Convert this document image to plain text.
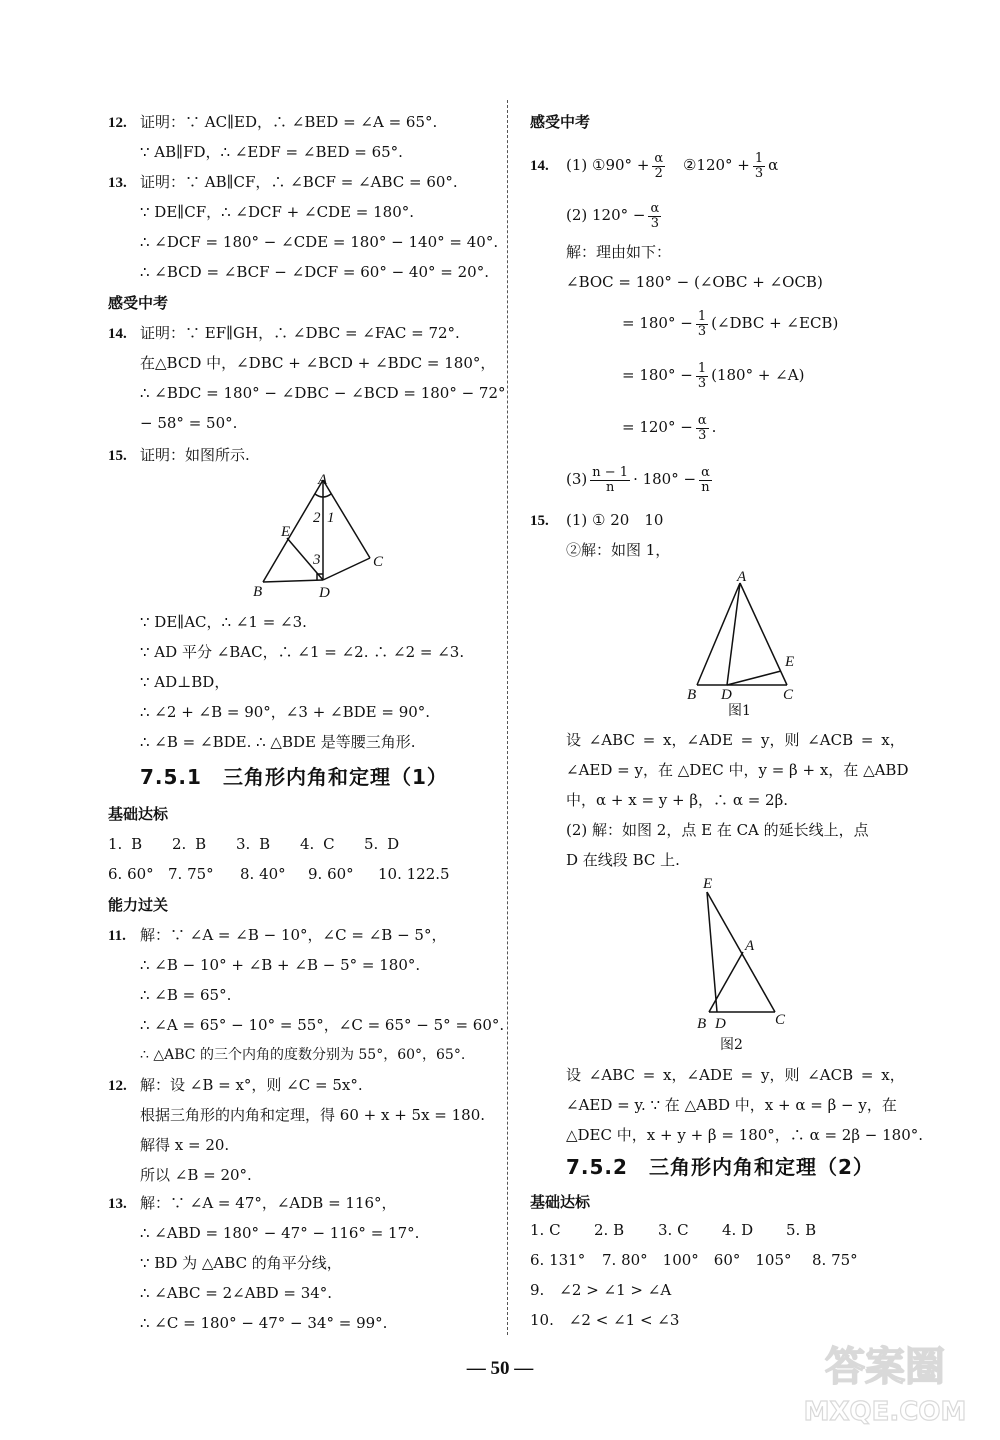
12. 证明：∵ AC∥ED，∴ ∠BED = ∠A = 65°.
∵ AB∥FD，∴ ∠EDF = ∠BED = 65°.
13. 证明：∵ AB∥CF，∴ ∠BCF = ∠ABC = 60°.
∵ DE∥CF，∴ ∠DCF + ∠CDE = 180°.
∴ ∠DCF = 180° − ∠CDE = 180° − 140° = 40°.
∴ ∠BCD = ∠BCF − ∠DCF = 60° − 40° = 20°.
感受中考
14. 证明：∵ EF∥GH，∴ ∠DBC = ∠FAC = 72°.
在△BCD 中，∠DBC + ∠BCD + ∠BDC = 180°，
∴ ∠BDC = 180° − ∠DBC − ∠BCD = 180° − 72°
− 58° = 50°.
15. 证明：如图所示.
A
E
B	D
C
2 1
3
∵ DE∥AC，∴ ∠1 = ∠3.
∵ AD 平分 ∠BAC，∴ ∠1 = ∠2. ∴ ∠2 = ∠3.
∵ AD⊥BD，
∴ ∠2 + ∠B = 90°，∠3 + ∠BDE = 90°.
∴ ∠B = ∠BDE. ∴ △BDE 是等腰三角形.
7.5.1　三角形内角和定理（1）
基础达标
1. B 2. B 3. B 4. C 5. D
6. 60° 7. 75° 8. 40° 9. 60° 10. 122.5
能力过关
11. 解：∵ ∠A = ∠B − 10°，∠C = ∠B − 5°，
∴ ∠B − 10° + ∠B + ∠B − 5° = 180°.
∴ ∠B = 65°.
∴ ∠A = 65° − 10° = 55°，∠C = 65° − 5° = 60°.
∴ △ABC 的三个内角的度数分别为 55°，60°，65°.
12. 解：设 ∠B = x°，则 ∠C = 5x°.
根据三角形的内角和定理，得 60 + x + 5x = 180.
解得 x = 20.
所以 ∠B = 20°.
13. 解：∵ ∠A = 47°，∠ADB = 116°，
∴ ∠ABD = 180° − 47° − 116° = 17°.
∵ BD 为 △ABC 的角平分线，
∴ ∠ABC = 2∠ABD = 34°.
∴ ∠C = 180° − 47° − 34° = 99°.
感受中考
14. (1) ①90° + $\frac{\alpha}{2}$ ②120° + $\frac{1}{3}$ α
(2) $120^\circ - \frac{\alpha}{3}$
解：理由如下：
∠BOC = 180° − (∠OBC + ∠OCB)
= $180^\circ - \frac{1}{3}$ (∠DBC + ∠ECB)
= $180^\circ - \frac{1}{3} (180^\circ$ + ∠A)
= $120^\circ - \frac{\alpha}{3}$ .
$(3) \frac{n - 1}{n} \cdot 180^\circ - \frac{\alpha}{n}$
15. (1) ① 20　10
②解：如图 1，
A
E
B D	C
图1
设 ∠ABC = x，∠ADE = y，则 ∠ACB = x，
∠AED = y，在 △DEC 中，y = β + x，在 △ABD
中，α + x = y + β，∴ α = 2β.
(2) 解：如图 2，点 E 在 CA 的延长线上，点
D 在线段 BC 上.
E
A
B D	C
图2
设 ∠ABC = x，∠ADE = y，则 ∠ACB = x，
∠AED = y. ∵ 在 △ABD 中，x + α = β − y，在
△DEC 中，x + y + β = 180°，∴ α = 2β − 180°.
7.5.2　三角形内角和定理（2）
基础达标
1. C 2. B 3. C 4. D 5. B
6. 131° 7. 80°　100°　60°　105° 8. 75°
9.　∠2 > ∠1 > ∠A
10.　∠2 < ∠1 < ∠3
— 50 —	答案圈
MXQE.COM
